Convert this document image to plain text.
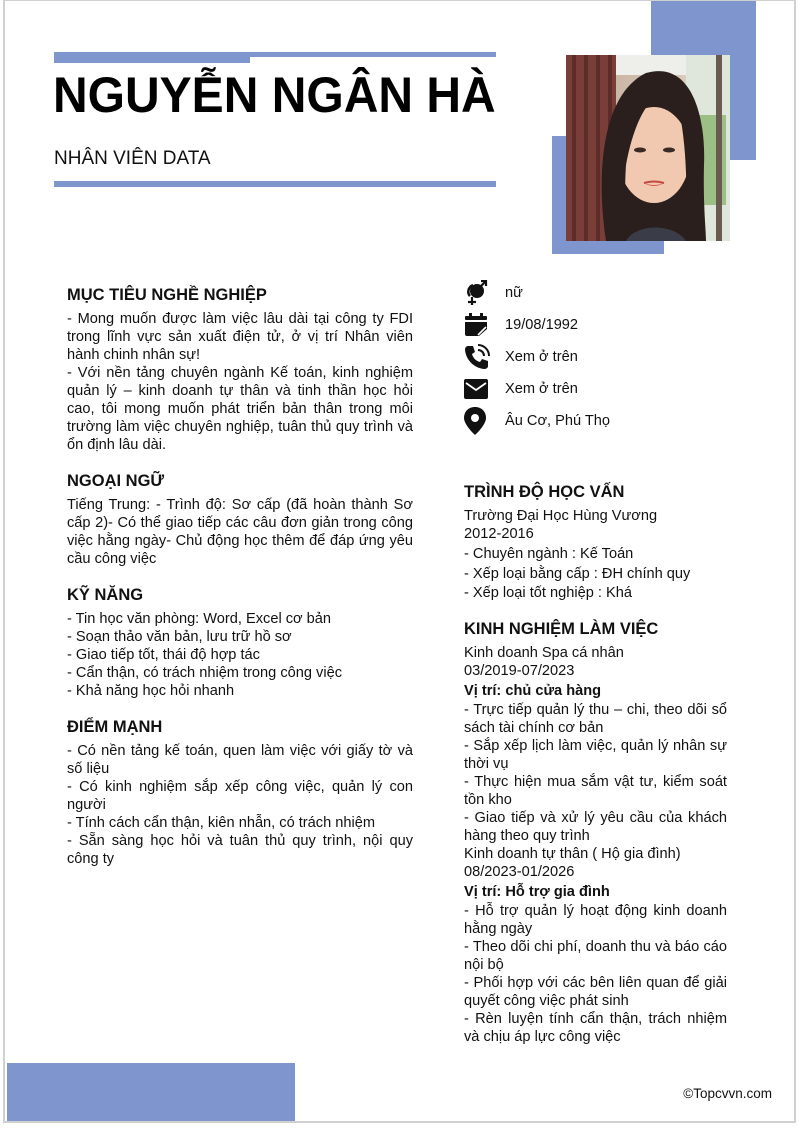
NGUYỄN NGÂN HÀ
NHÂN VIÊN DATA
MỤC TIÊU NGHỀ NGHIỆP
- Mong muốn được làm việc lâu dài tại công ty FDI trong lĩnh vực sản xuất điện tử, ở vị trí Nhân viên hành chinh nhân sự!
- Với nền tảng chuyên ngành Kế toán, kinh nghiệm quản lý – kinh doanh tự thân và tinh thần học hỏi cao, tôi mong muốn phát triển bản thân trong môi trường làm việc chuyên nghiệp, tuân thủ quy trình và ổn định lâu dài.
NGOẠI NGỮ
Tiếng Trung: - Trình độ: Sơ cấp (đã hoàn thành Sơ cấp 2)- Có thể giao tiếp các câu đơn giản trong công việc hằng ngày- Chủ động học thêm để đáp ứng yêu cầu công việc
KỸ NĂNG
- Tin học văn phòng: Word, Excel cơ bản
- Soạn thảo văn bản, lưu trữ hồ sơ
- Giao tiếp tốt, thái độ hợp tác
- Cẩn thận, có trách nhiệm trong công việc
- Khả năng học hỏi nhanh
ĐIỂM MẠNH
- Có nền tảng kế toán, quen làm việc với giấy tờ và số liệu
- Có kinh nghiệm sắp xếp công việc, quản lý con người
- Tính cách cẩn thận, kiên nhẫn, có trách nhiệm
- Sẵn sàng học hỏi và tuân thủ quy trình, nội quy công ty
nữ
19/08/1992
Xem ở trên
Xem ở trên
Âu Cơ, Phú Thọ
TRÌNH ĐỘ HỌC VẤN
Trường Đại Học Hùng Vương
2012-2016
- Chuyên ngành : Kế Toán
- Xếp loại bằng cấp : ĐH chính quy
- Xếp loại tốt nghiệp : Khá
KINH NGHIỆM LÀM VIỆC
Kinh doanh Spa cá nhân
03/2019-07/2023
Vị trí: chủ cửa hàng
- Trực tiếp quản lý thu – chi, theo dõi sổ sách tài chính cơ bản
- Sắp xếp lịch làm việc, quản lý nhân sự thời vụ
- Thực hiện mua sắm vật tư, kiểm soát tồn kho
- Giao tiếp và xử lý yêu cầu của khách hàng theo quy trình
Kinh doanh tự thân ( Hộ gia đình)
08/2023-01/2026
Vị trí: Hỗ trợ gia đình
- Hỗ trợ quản lý hoạt động kinh doanh hằng ngày
- Theo dõi chi phí, doanh thu và báo cáo nội bộ
- Phối hợp với các bên liên quan để giải quyết công việc phát sinh
- Rèn luyện tính cẩn thận, trách nhiệm và chịu áp lực công việc
©Topcvvn.com
